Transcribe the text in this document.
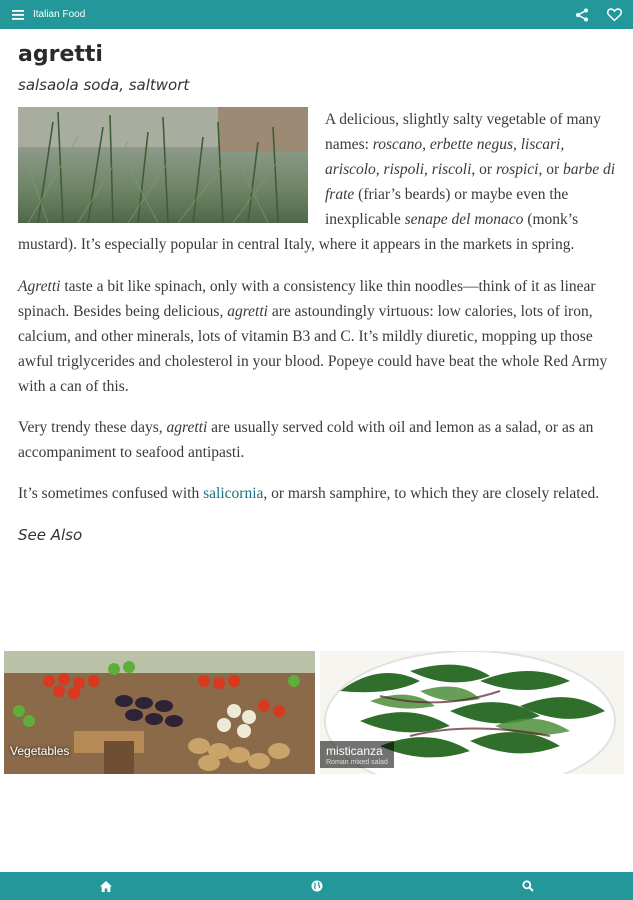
Italian Food
agretti

salsaola soda, saltwort

A delicious, slightly salty vegetable of many names: roscano, erbette negus, liscari, ariscolo, rispoli, riscoli, or rospici, or barbe di frate (friar’s beards) or maybe even the inexplicable senape del monaco (monk’s mustard). It’s especially popular in central Italy, where it appears in the markets in spring.

Agretti taste a bit like spinach, only with a consistency like thin noodles—think of it as linear spinach. Besides being delicious, agretti are astoundingly virtuous: low calories, lots of iron, calcium, and other minerals, lots of vitamin B3 and C. It’s mildly diuretic, mopping up those awful triglycerides and cholesterol in your blood. Popeye could have beat the whole Red Army with a can of this.

Very trendy these days, agretti are usually served cold with oil and lemon as a salad, or as an accompaniment to seafood antipasti.

It’s sometimes confused with salicornia, or marsh samphire, to which they are closely related.

See Also

Vegetables	misticanza
Roman mixed salad
